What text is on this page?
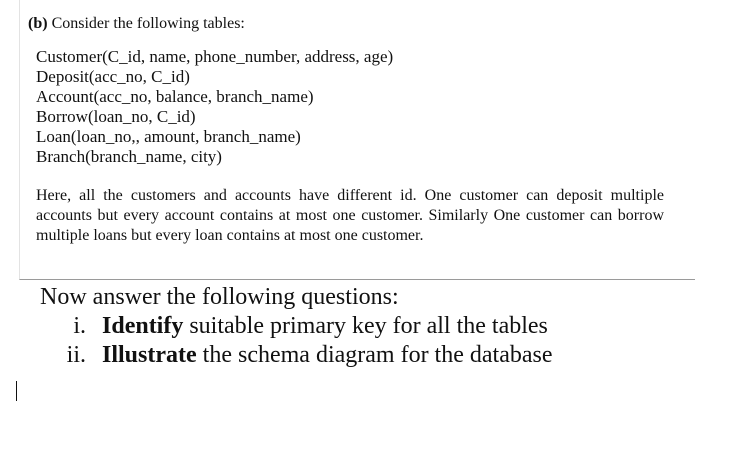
(b) Consider the following tables:
Customer(C_id, name, phone_number, address, age)
Deposit(acc_no, C_id)
Account(acc_no, balance, branch_name)
Borrow(loan_no, C_id)
Loan(loan_no,, amount, branch_name)
Branch(branch_name, city)
Here, all the customers and accounts have different id. One customer can deposit multiple accounts but every account contains at most one customer. Similarly One customer can borrow multiple loans but every loan contains at most one customer.
Now answer the following questions:
i. Identify suitable primary key for all the tables
ii. Illustrate the schema diagram for the database
